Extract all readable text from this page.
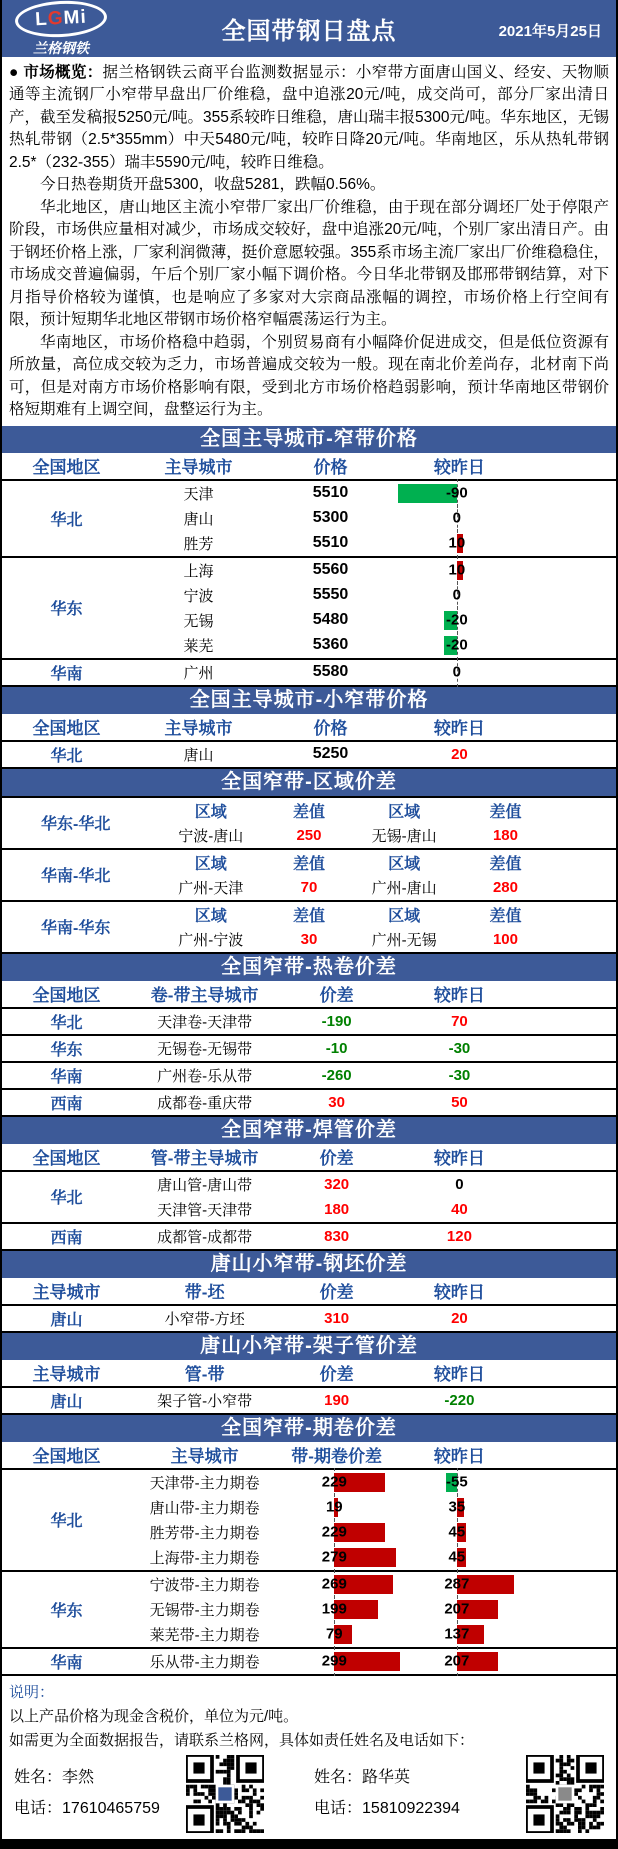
L
G
Mi
兰格钢铁
全国带钢日盘点	2021年5月25日

● 市场概览：据兰格钢铁云商平台监测数据显示：小窄带方面唐山国义、经安、天物顺通等主流钢厂小窄带早盘出厂价维稳，盘中追涨20元/吨，成交尚可，部分厂家出清日产，截至发稿报5250元/吨。355系较昨日维稳，唐山瑞丰报5300元/吨。华东地区，无锡热轧带钢（2.5*355mm）中天5480元/吨，较昨日降20元/吨。华南地区，乐从热轧带钢2.5*（232-355）瑞丰5590元/吨，较昨日维稳。

今日热卷期货开盘5300，收盘5281，跌幅0.56%。

华北地区，唐山地区主流小窄带厂家出厂价维稳，由于现在部分调坯厂处于停限产阶段，市场供应量相对减少，市场成交较好，盘中追涨20元/吨，个别厂家出清日产。由于钢坯价格上涨，厂家利润微薄，挺价意愿较强。355系市场主流厂家出厂价维稳稳住，市场成交普遍偏弱，午后个别厂家小幅下调价格。今日华北带钢及邯邢带钢结算，对下月指导价格较为谨慎，也是响应了多家对大宗商品涨幅的调控，市场价格上行空间有限，预计短期华北地区带钢市场价格窄幅震荡运行为主。

华南地区，市场价格稳中趋弱，个别贸易商有小幅降价促进成交，但是低位资源有所放量，高位成交较为乏力，市场普遍成交较为一般。现在南北价差尚存，北材南下尚可，但是对南方市场价格影响有限，受到北方市场价格趋弱影响，预计华南地区带钢价格短期难有上调空间，盘整运行为主。

全国主导城市-窄带价格
全国地区	主导城市	价格	较昨日	
华北	天津	5510	-90	

	唐山	5300	0	

	胜芳	5510	10	

华东	上海	5560	10	

	宁波	5550	0	

	无锡	5480	-20	

	莱芜	5360	-20	

华南	广州	5580	0	

全国主导城市-小窄带价格
全国地区	主导城市	价格	较昨日	
华北	唐山	5250	20	
全国窄带-区域价差
华东-华北	区域	差值	区域	差值	
	宁波-唐山	250	无锡-唐山	180	
华南-华北	区域	差值	区域	差值	
	广州-天津	70	广州-唐山	280	
华南-华东	区域	差值	区域	差值	
	广州-宁波	30	广州-无锡	100	
全国窄带-热卷价差
全国地区	卷-带主导城市	价差	较昨日	
华北	天津卷-天津带	-190	70	
华东	无锡卷-无锡带	-10	-30	
华南	广州卷-乐从带	-260	-30	
西南	成都卷-重庆带	30	50	
全国窄带-焊管价差
全国地区	管-带主导城市	价差	较昨日	
华北	唐山管-唐山带	320	0	
	天津管-天津带	180	40	
西南	成都管-成都带	830	120	
唐山小窄带-钢坯价差
主导城市	带-坯	价差	较昨日	
唐山	小窄带-方坯	310	20	
唐山小窄带-架子管价差
主导城市	管-带	价差	较昨日	
唐山	架子管-小窄带	190	-220	
全国窄带-期卷价差
全国地区	主导城市	带-期卷价差	较昨日	
华北	天津带-主力期卷	229	-55	

	唐山带-主力期卷	19	35	

	胜芳带-主力期卷	229	45	

	上海带-主力期卷	279	45	

华东	宁波带-主力期卷	269	287	

	无锡带-主力期卷	199	207	

	莱芜带-主力期卷	79	137	

华南	乐从带-主力期卷	299	207	

说明：
以上产品价格为现金含税价，单位为元/吨。
如需更为全面数据报告，请联系兰格网，具体如责任姓名及电话如下：
姓名：李然
电话：17610465759
姓名：路华英
电话：15810922394
